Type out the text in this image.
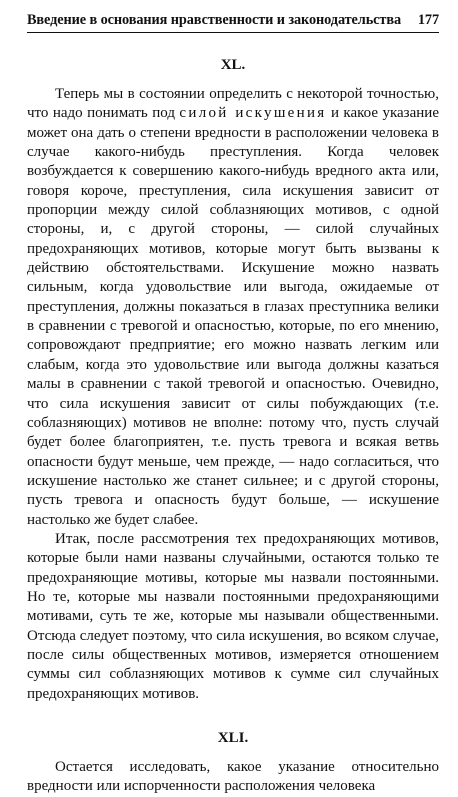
Введение в основания нравственности и законодательства 177
XL.

Теперь мы в состоянии определить с некоторой точностью, что надо понимать под силой искушения и какое указание может она дать о степени вредности в расположении человека в случае какого-нибудь преступления. Когда человек возбуждается к совершению какого-нибудь вредного акта или, говоря короче, преступления, сила искушения зависит от пропорции между силой соблазняющих мотивов, с одной стороны, и, с другой стороны, — силой случайных предохраняющих мотивов, которые могут быть вызваны к действию обстоятельствами. Искушение можно назвать сильным, когда удовольствие или выгода, ожидаемые от преступления, должны показаться в глазах преступника велики в сравнении с тревогой и опасностью, которые, по его мнению, сопровождают предприятие; его можно назвать легким или слабым, когда это удовольствие или выгода должны казаться малы в сравнении с такой тревогой и опасностью. Очевидно, что сила искушения зависит от силы побуждающих (т.е. соблазняющих) мотивов не вполне: потому что, пусть случай будет более благоприятен, т.е. пусть тревога и всякая ветвь опасности будут меньше, чем прежде, — надо согласиться, что искушение настолько же станет сильнее; и с другой стороны, пусть тревога и опасность будут больше, — искушение настолько же будет слабее.

Итак, после рассмотрения тех предохраняющих мотивов, которые были нами названы случайными, остаются только те предохраняющие мотивы, которые мы назвали постоянными. Но те, которые мы назвали постоянными предохраняющими мотивами, суть те же, которые мы называли общественными. Отсюда следует поэтому, что сила искушения, во всяком случае, после силы общественных мотивов, измеряется отношением суммы сил соблазняющих мотивов к сумме сил случайных предохраняющих мотивов.

XLI.

Остается исследовать, какое указание относительно вредности или испорченности расположения человека
